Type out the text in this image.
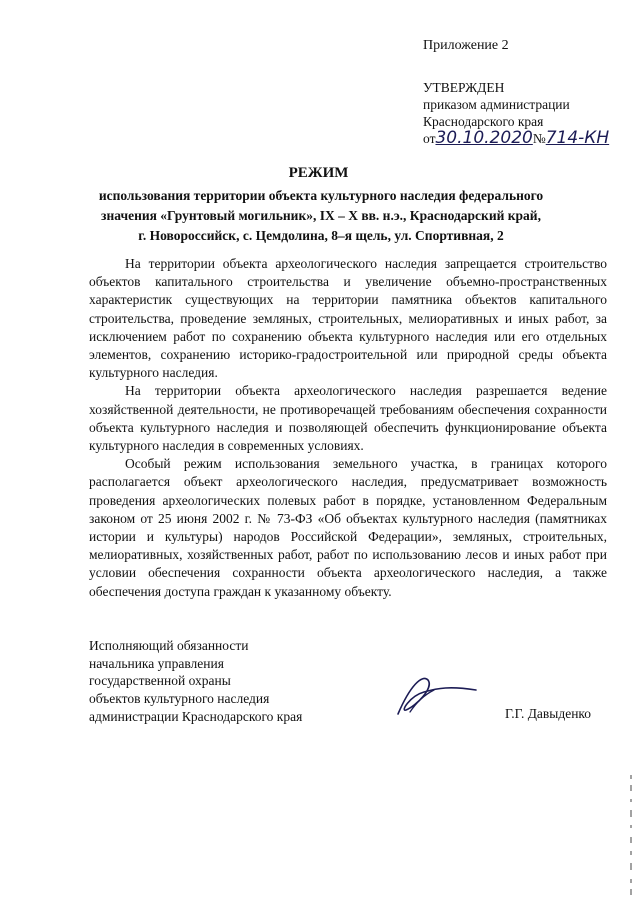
Приложение 2
УТВЕРЖДЕН
приказом администрации
Краснодарского края
от30.10.2020№714-КН
РЕЖИМ
использования территории объекта культурного наследия федерального значения «Грунтовый могильник», IX – X вв. н.э., Краснодарский край, г. Новороссийск, с. Цемдолина, 8–я щель, ул. Спортивная, 2

На территории объекта археологического наследия запрещается строительство объектов капитального строительства и увеличение объемно-пространственных характеристик существующих на территории памятника объектов капитального строительства, проведение земляных, строительных, мелиоративных и иных работ, за исключением работ по сохранению объекта культурного наследия или его отдельных элементов, сохранению историко-градостроительной или природной среды объекта культурного наследия.

На территории объекта археологического наследия разрешается ведение хозяйственной деятельности, не противоречащей требованиям обеспечения сохранности объекта культурного наследия и позволяющей обеспечить функционирование объекта культурного наследия в современных условиях.

Особый режим использования земельного участка, в границах которого располагается объект археологического наследия, предусматривает возможность проведения археологических полевых работ в порядке, установленном Федеральным законом от 25 июня 2002 г. № 73-ФЗ «Об объектах культурного наследия (памятниках истории и культуры) народов Российской Федерации», земляных, строительных, мелиоративных, хозяйственных работ, работ по использованию лесов и иных работ при условии обеспечения сохранности объекта археологического наследия, а также обеспечения доступа граждан к указанному объекту.

Исполняющий обязанности
начальника управления
государственной охраны
объектов культурного наследия
администрации Краснодарского края	Г.Г. Давыденко
